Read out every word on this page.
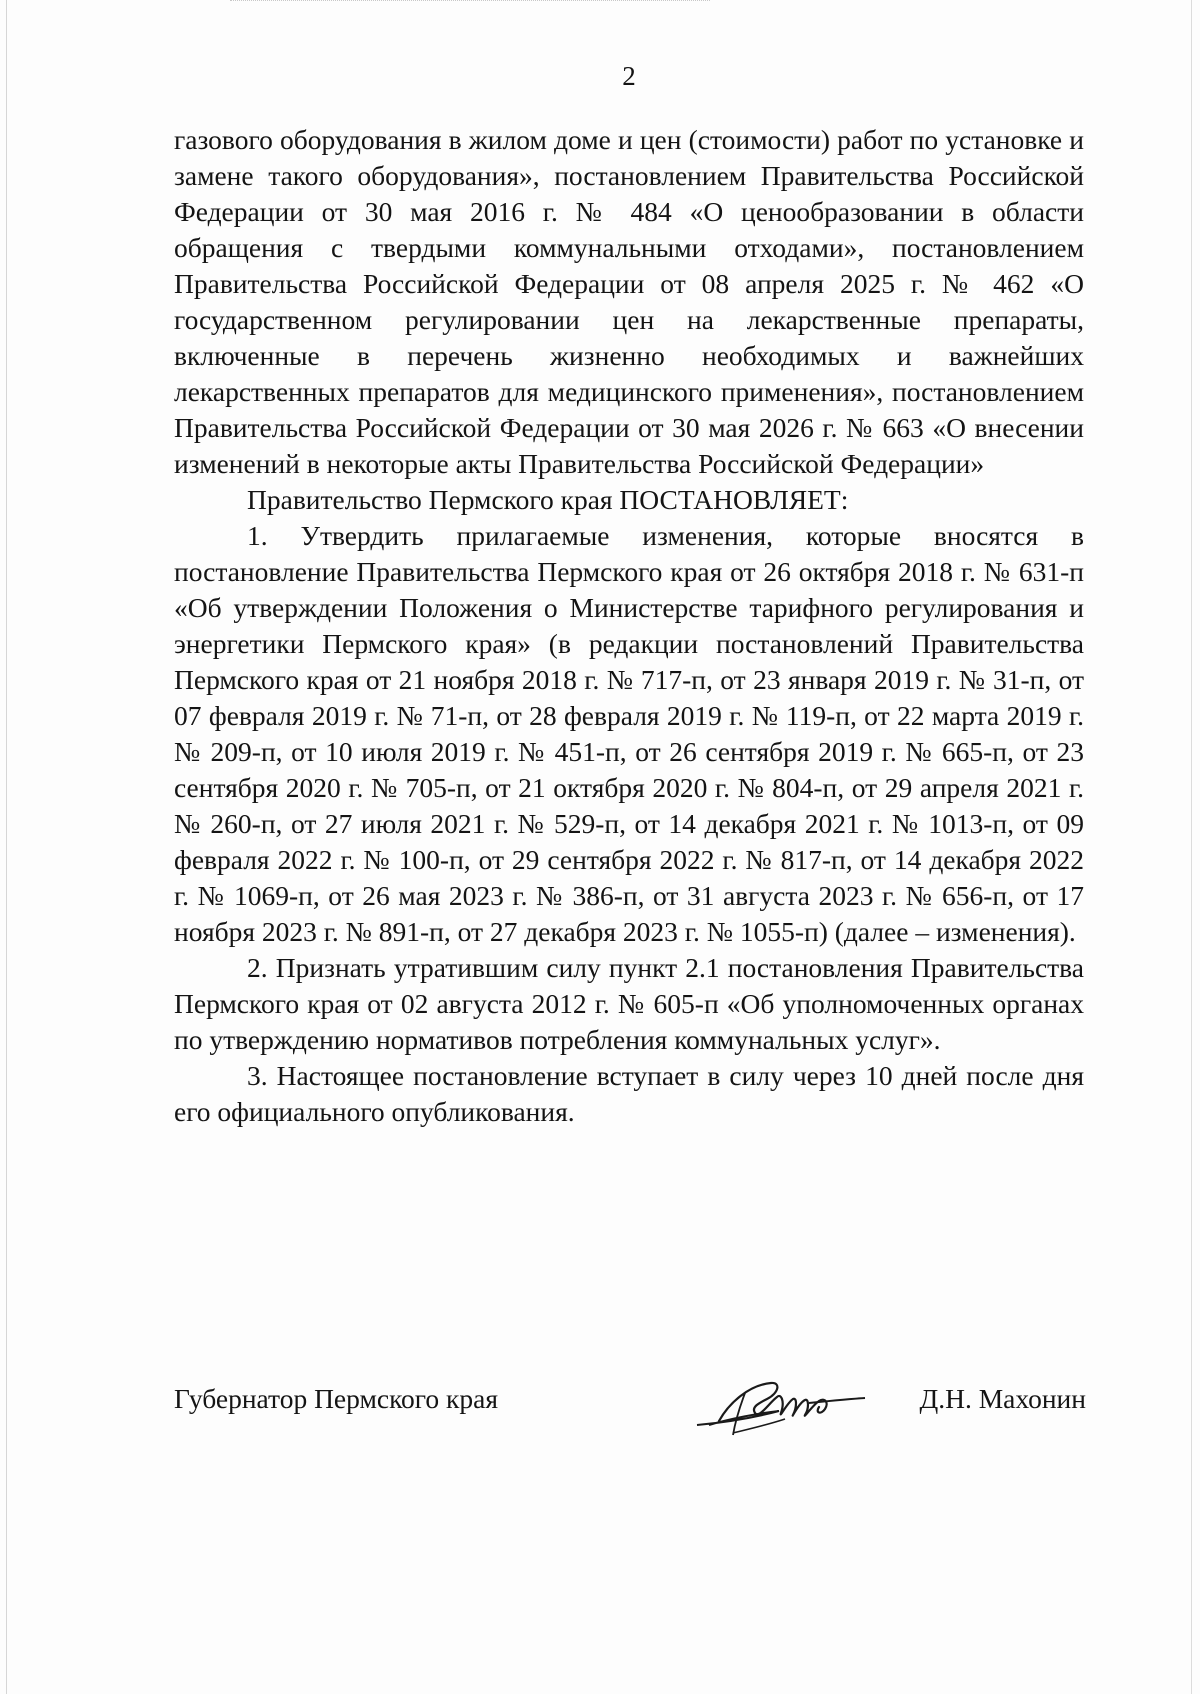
2

газового оборудования в жилом доме и цен (стоимости) работ по установке и замене такого оборудования», постановлением Правительства Российской Федерации от 30 мая 2016 г. № 484 «О ценообразовании в области обращения с твердыми коммунальными отходами», постановлением Правительства Российской Федерации от 08 апреля 2025 г. № 462 «О государственном регулировании цен на лекарственные препараты, включенные в перечень жизненно необходимых и важнейших лекарственных препаратов для медицинского применения», постановлением Правительства Российской Федерации от 30 мая 2026 г. № 663 «О внесении изменений в некоторые акты Правительства Российской Федерации»

Правительство Пермского края ПОСТАНОВЛЯЕТ:

1. Утвердить прилагаемые изменения, которые вносятся в постановление Правительства Пермского края от 26 октября 2018 г. № 631-п «Об утверждении Положения о Министерстве тарифного регулирования и энергетики Пермского края» (в редакции постановлений Правительства Пермского края от 21 ноября 2018 г. № 717-п, от 23 января 2019 г. № 31-п, от 07 февраля 2019 г. № 71-п, от 28 февраля 2019 г. № 119-п, от 22 марта 2019 г. № 209-п, от 10 июля 2019 г. № 451-п, от 26 сентября 2019 г. № 665-п, от 23 сентября 2020 г. № 705-п, от 21 октября 2020 г. № 804-п, от 29 апреля 2021 г. № 260-п, от 27 июля 2021 г. № 529-п, от 14 декабря 2021 г. № 1013-п, от 09 февраля 2022 г. № 100-п, от 29 сентября 2022 г. № 817-п, от 14 декабря 2022 г. № 1069-п, от 26 мая 2023 г. № 386-п, от 31 августа 2023 г. № 656-п, от 17 ноября 2023 г. № 891-п, от 27 декабря 2023 г. № 1055-п) (далее – изменения).

2. Признать утратившим силу пункт 2.1 постановления Правительства Пермского края от 02 августа 2012 г. № 605-п «Об уполномоченных органах по утверждению нормативов потребления коммунальных услуг».

3. Настоящее постановление вступает в силу через 10 дней после дня его официального опубликования.

Губернатор Пермского края	Д.Н. Махонин
